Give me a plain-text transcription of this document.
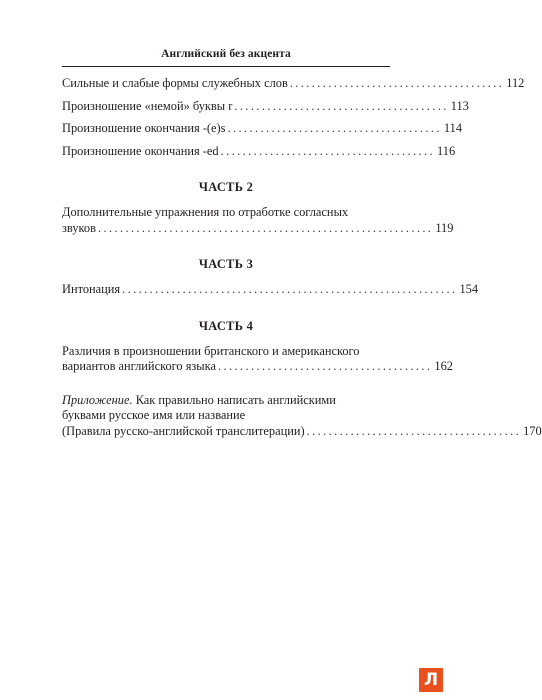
Английский без акцента
Сильные и слабые формы служебных слов ....................................... 112
Произношение «немой» буквы r ....................................... 113
Произношение окончания -(e)s ....................................... 114
Произношение окончания -ed ....................................... 116
ЧАСТЬ 2
Дополнительные упражнения по отработке согласных
звуков ............................................................. 119
ЧАСТЬ 3
Интонация ............................................................. 154
ЧАСТЬ 4
Различия в произношении британского и американского
вариантов английского языка ....................................... 162
Приложение. Как правильно написать английскими
буквами русское имя или название
(Правила русско-английской транслитерации) ....................................... 170
Л
